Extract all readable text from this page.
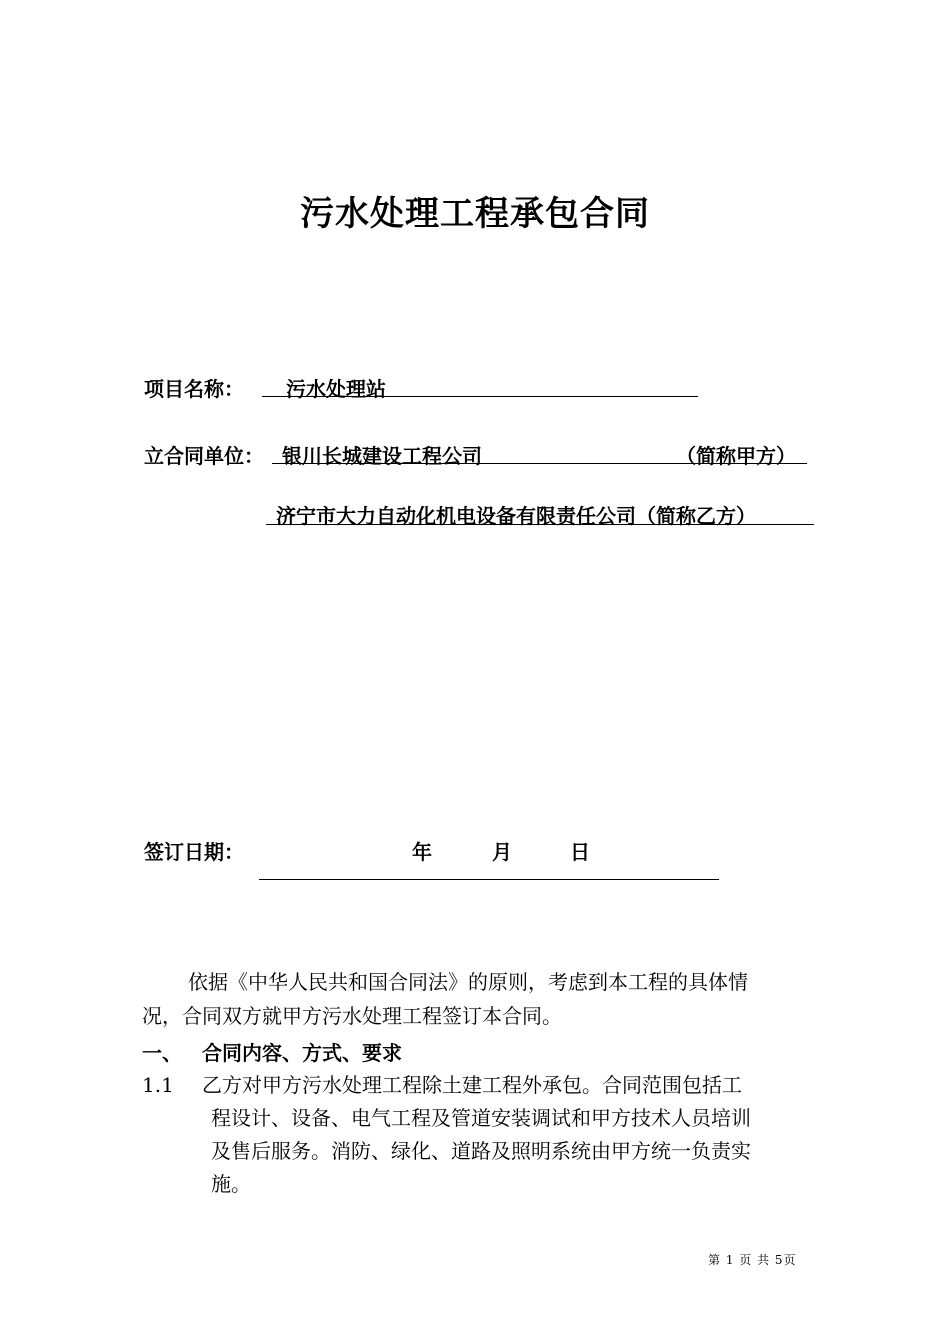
污水处理工程承包合同
项目名称： 污水处理站
立合同单位： 银川长城建设工程公司	（简称甲方）
济宁市大力自动化机电设备有限责任公司（简称乙方）
签订日期：	年	月	日
依据《中华人民共和国合同法》的原则，考虑到本工程的具体情
况，合同双方就甲方污水处理工程签订本合同。
一、 合同内容、方式、要求
1.1 乙方对甲方污水处理工程除土建工程外承包。合同范围包括工
程设计、设备、电气工程及管道安装调试和甲方技术人员培训
及售后服务。消防、绿化、道路及照明系统由甲方统一负责实
施。
第 1 页 共 5页
